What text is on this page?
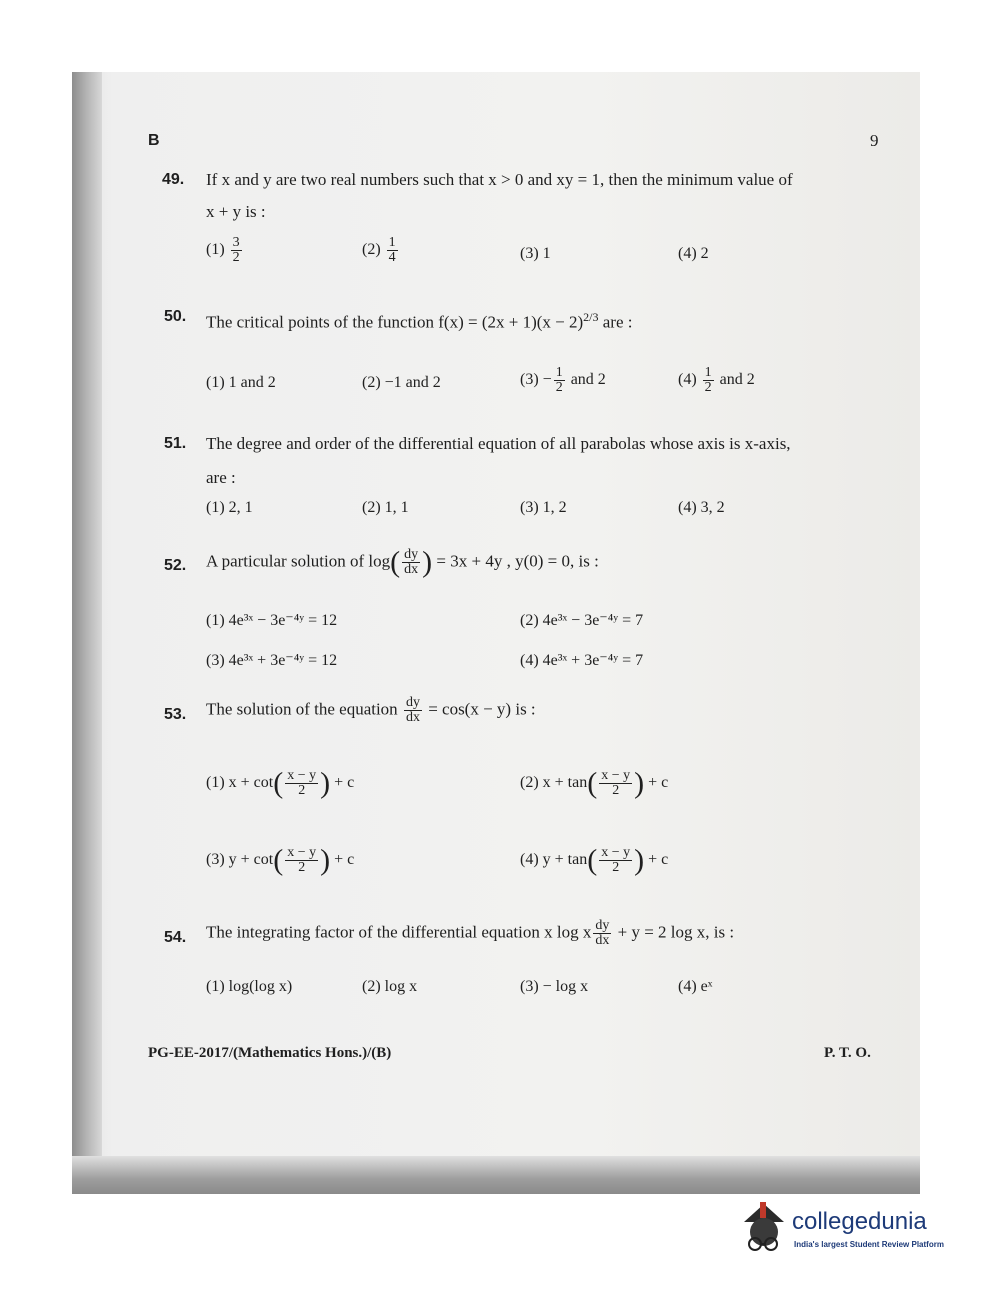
B	9
49. If x and y are two real numbers such that x > 0 and xy = 1, then the minimum value of
x + y is :
$(1) \frac{3}{2}$	$(2) \frac{1}{4}$	(3) 1	(4) 2
50. The critical points of the function $f(x) = (2x + 1)(x - 2)^{2/3}$ are :
(1) 1 and 2	(2) −1 and 2	$(3) - \frac{1}{2}$ and 2	$(4) \frac{1}{2}$ and 2
51. The degree and order of the differential equation of all parabolas whose axis is x-axis,
are :
(1) 2, 1	(2) 1, 1	(3) 1, 2	(4) 3, 2
52. A particular solution of $\log( \frac{dy}{dx}$ ) = 3x + 4y , y(0) = 0, is :
(1) 4e³ˣ − 3e⁻⁴ʸ = 12	(2) 4e³ˣ − 3e⁻⁴ʸ = 7
(3) 4e³ˣ + 3e⁻⁴ʸ = 12	(4) 4e³ˣ + 3e⁻⁴ʸ = 7
53. The solution of the equation $\frac{dy}{dx} = \cos(x - y)$ is :
(1) $x + \cot( \frac{x - y}{2}$ ) + c	(2) $x + \tan( \frac{x - y}{2}$ ) + c
(3) $y + \cot( \frac{x - y}{2}$ ) + c	(4) $y + \tan( \frac{x - y}{2}$ ) + c
54. The integrating factor of the differential equation x log x $\frac{dy}{dx} + y = 2$ log x, is :
(1) log(log x)	(2) log x	(3) − log x	(4) eˣ
PG-EE-2017/(Mathematics Hons.)/(B)	P. T. O.
collegedunia
India's largest Student Review Platform
